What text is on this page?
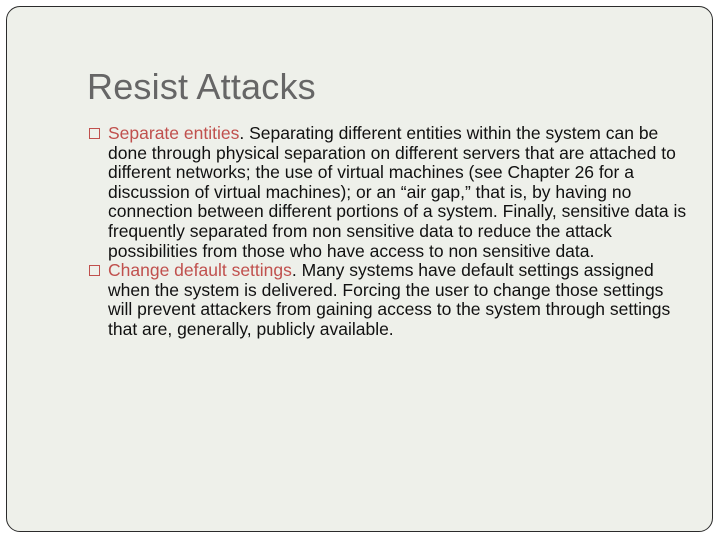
Resist Attacks
Separate entities. Separating different entities within the system can be done through physical separation on different servers that are attached to different networks; the use of virtual machines (see Chapter 26 for a discussion of virtual machines); or an “air gap,” that is, by having no connection between different portions of a system. Finally, sensitive data is frequently separated from non sensitive data to reduce the attack possibilities from those who have access to non sensitive data.
Change default settings. Many systems have default settings assigned when the system is delivered. Forcing the user to change those settings will prevent attackers from gaining access to the system through settings that are, generally, publicly available.
